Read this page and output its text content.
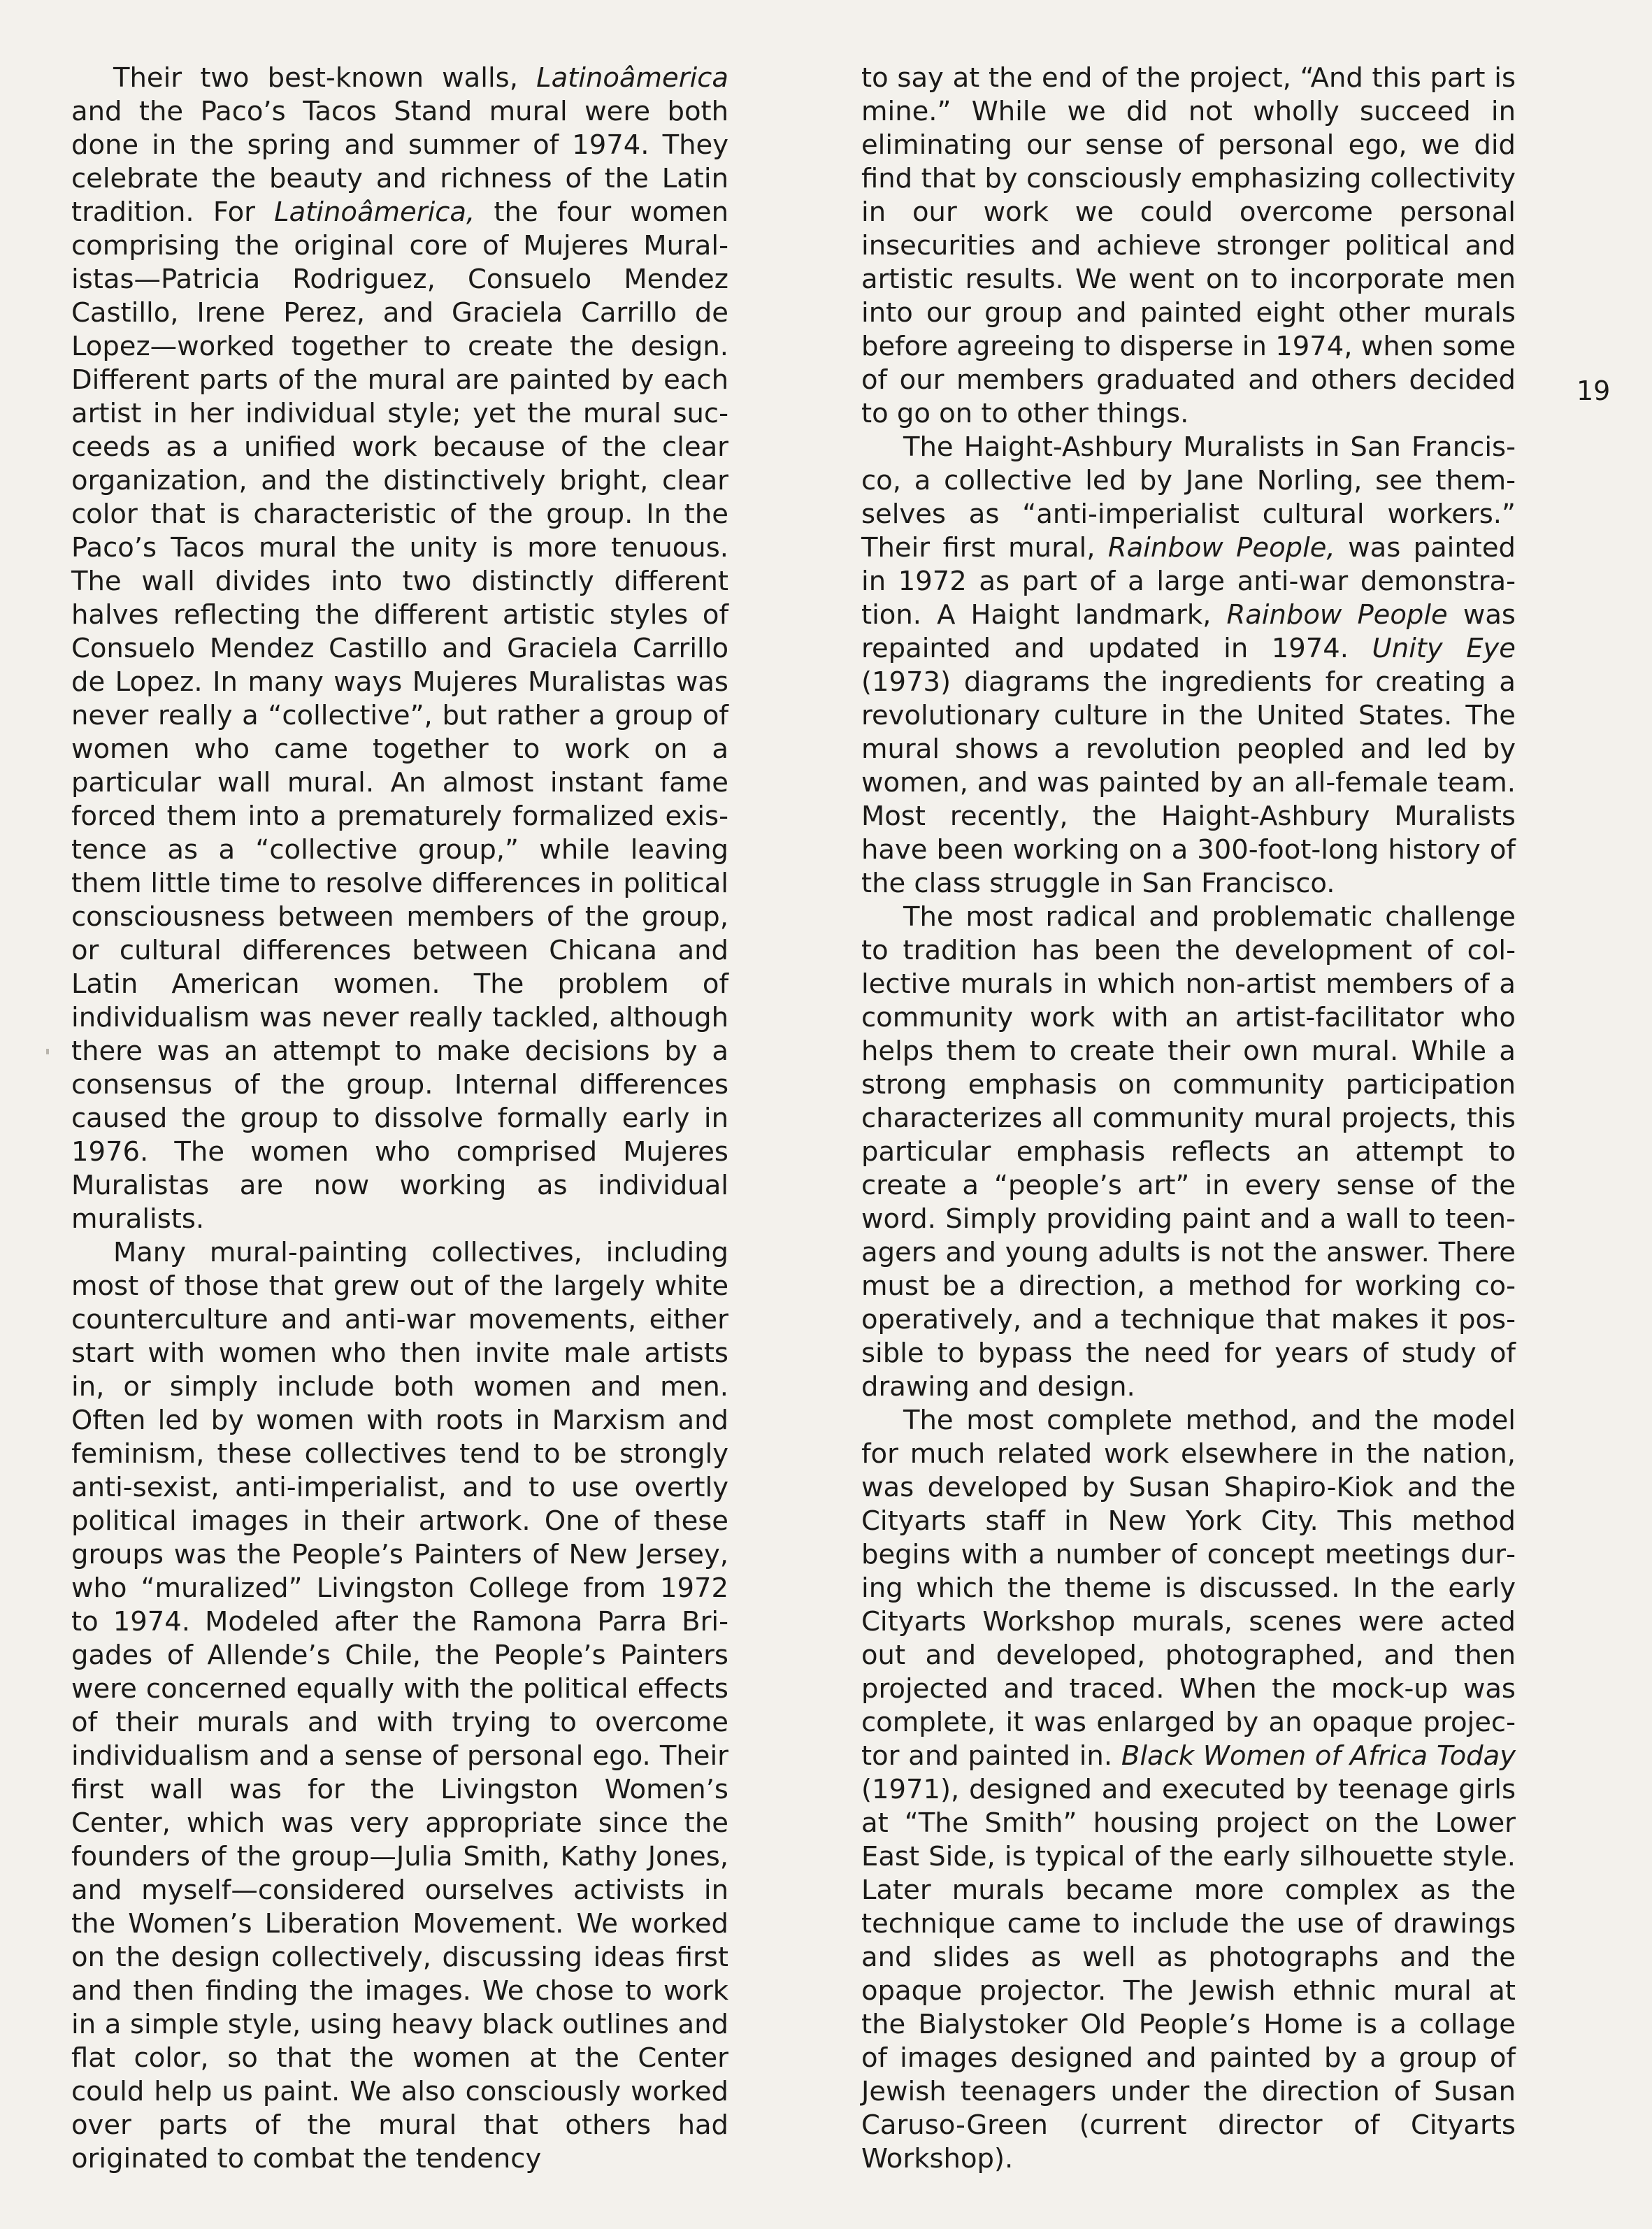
Their two best-known walls, Latinoâmerica and the Paco’s Tacos Stand mural were both done in the spring and summer of 1974. They celebrate the beauty and richness of the Latin tradition. For Latinoâmerica, the four women comprising the original core of Mujeres Muralistas—Patricia Rodriguez, Consuelo Mendez Castillo, Irene Perez, and Graciela Carrillo de Lopez—worked together to create the design. Different parts of the mural are painted by each artist in her individual style; yet the mural succeeds as a unified work because of the clear organization, and the distinctively bright, clear color that is characteristic of the group. In the Paco’s Tacos mural the unity is more tenuous. The wall divides into two distinctly different halves reflecting the different artistic styles of Consuelo Mendez Castillo and Graciela Carrillo de Lopez. In many ways Mujeres Muralistas was never really a “collective”, but rather a group of women who came together to work on a particular wall mural. An almost instant fame forced them into a prematurely formalized existence as a “collective group,” while leaving them little time to resolve differences in political consciousness between members of the group, or cultural differences between Chicana and Latin American women. The problem of individualism was never really tackled, although there was an attempt to make decisions by a consensus of the group. Internal differences caused the group to dissolve formally early in 1976. The women who comprised Mujeres Muralistas are now working as individual muralists.

Many mural-painting collectives, including most of those that grew out of the largely white counterculture and anti-war movements, either start with women who then invite male artists in, or simply include both women and men. Often led by women with roots in Marxism and feminism, these collectives tend to be strongly anti-sexist, anti-imperialist, and to use overtly political images in their artwork. One of these groups was the People’s Painters of New Jersey, who “muralized” Livingston College from 1972 to 1974. Modeled after the Ramona Parra Brigades of Allende’s Chile, the People’s Painters were concerned equally with the political effects of their murals and with trying to overcome individualism and a sense of personal ego. Their first wall was for the Livingston Women’s Center, which was very appropriate since the founders of the group—Julia Smith, Kathy Jones, and myself—considered ourselves activists in the Women’s Liberation Movement. We worked on the design collectively, discussing ideas first and then finding the images. We chose to work in a simple style, using heavy black outlines and flat color, so that the women at the Center could help us paint. We also consciously worked over parts of the mural that others had originated to combat the tendency

to say at the end of the project, “And this part is mine.” While we did not wholly succeed in eliminating our sense of personal ego, we did find that by consciously emphasizing collectivity in our work we could overcome personal insecurities and achieve stronger political and artistic results. We went on to incorporate men into our group and painted eight other murals before agreeing to disperse in 1974, when some of our members graduated and others decided to go on to other things.

The Haight-Ashbury Muralists in San Francisco, a collective led by Jane Norling, see themselves as “anti-imperialist cultural workers.” Their first mural, Rainbow People, was painted in 1972 as part of a large anti-war demonstration. A Haight landmark, Rainbow People was repainted and updated in 1974. Unity Eye (1973) diagrams the ingredients for creating a revolutionary culture in the United States. The mural shows a revolution peopled and led by women, and was painted by an all-female team. Most recently, the Haight-Ashbury Muralists have been working on a 300-foot-long history of the class struggle in San Francisco.

The most radical and problematic challenge to tradition has been the development of collective murals in which non-artist members of a community work with an artist-facilitator who helps them to create their own mural. While a strong emphasis on community participation characterizes all community mural projects, this particular emphasis reflects an attempt to create a “people’s art” in every sense of the word. Simply providing paint and a wall to teenagers and young adults is not the answer. There must be a direction, a method for working cooperatively, and a technique that makes it possible to bypass the need for years of study of drawing and design.

The most complete method, and the model for much related work elsewhere in the nation, was developed by Susan Shapiro-Kiok and the Cityarts staff in New York City. This method begins with a number of concept meetings during which the theme is discussed. In the early Cityarts Workshop murals, scenes were acted out and developed, photographed, and then projected and traced. When the mock-up was complete, it was enlarged by an opaque projector and painted in. Black Women of Africa Today (1971), designed and executed by teenage girls at “The Smith” housing project on the Lower East Side, is typical of the early silhouette style. Later murals became more complex as the technique came to include the use of drawings and slides as well as photographs and the opaque projector. The Jewish ethnic mural at the Bialystoker Old People’s Home is a collage of images designed and painted by a group of Jewish teenagers under the direction of Susan Caruso-Green (current director of Cityarts Workshop).

19
